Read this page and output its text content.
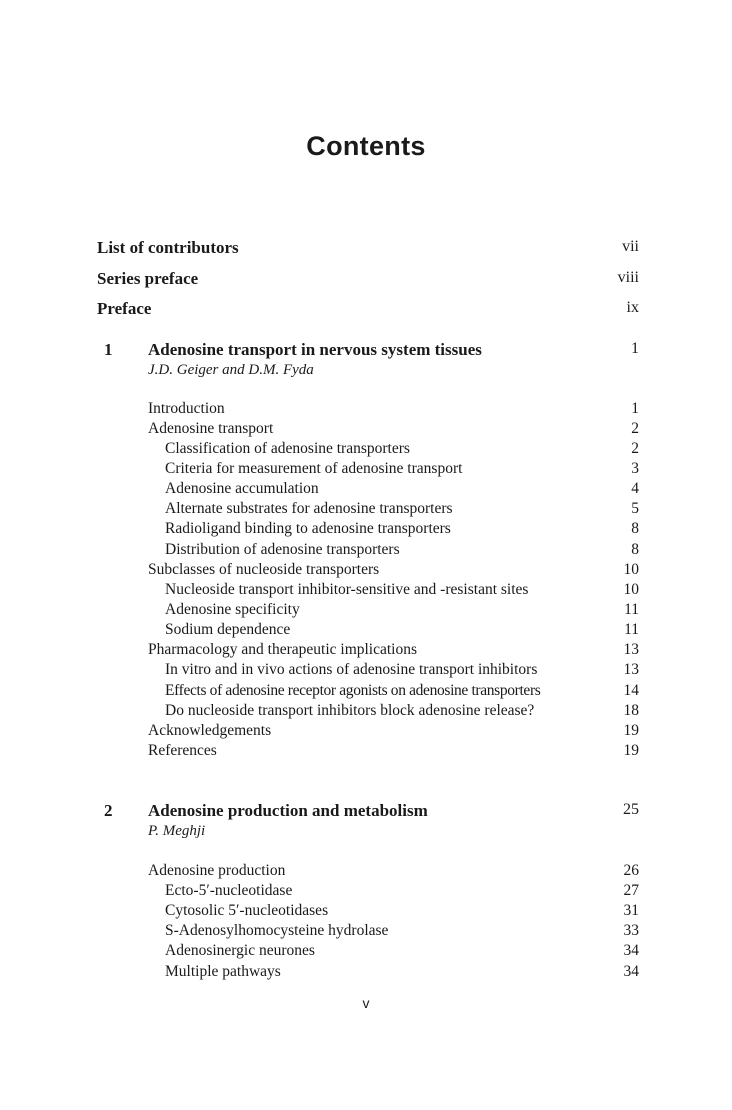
Contents
List of contributors	vii
Series preface	viii
Preface	ix
1 Adenosine transport in nervous system tissues	1
J.D. Geiger and D.M. Fyda
Introduction	1
Adenosine transport	2
Classification of adenosine transporters	2
Criteria for measurement of adenosine transport	3
Adenosine accumulation	4
Alternate substrates for adenosine transporters	5
Radioligand binding to adenosine transporters	8
Distribution of adenosine transporters	8
Subclasses of nucleoside transporters	10
Nucleoside transport inhibitor-sensitive and -resistant sites	10
Adenosine specificity	11
Sodium dependence	11
Pharmacology and therapeutic implications	13
In vitro and in vivo actions of adenosine transport inhibitors	13
Effects of adenosine receptor agonists on adenosine transporters	14
Do nucleoside transport inhibitors block adenosine release?	18
Acknowledgements	19
References	19
2 Adenosine production and metabolism	25
P. Meghji
Adenosine production	26
Ecto-5′-nucleotidase	27
Cytosolic 5′-nucleotidases	31
S-Adenosylhomocysteine hydrolase	33
Adenosinergic neurones	34
Multiple pathways	34
v
